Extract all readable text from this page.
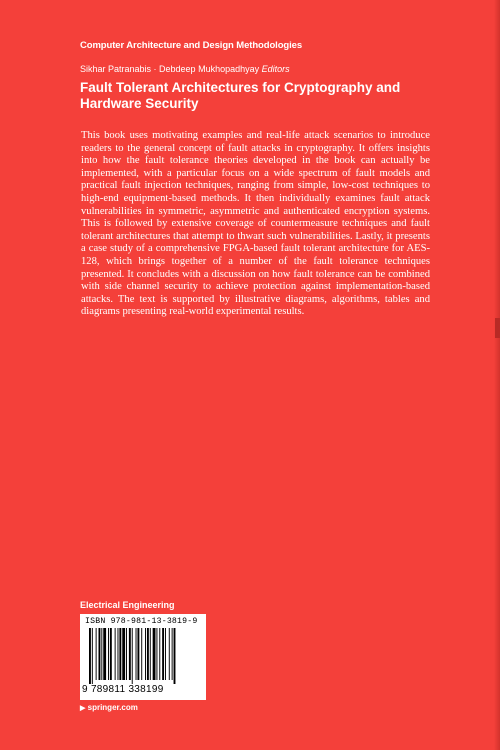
Computer Architecture and Design Methodologies
Sikhar Patranabis · Debdeep Mukhopadhyay Editors
Fault Tolerant Architectures for Cryptography and Hardware Security
This book uses motivating examples and real-life attack scenarios to introduce readers to the general concept of fault attacks in cryptography. It offers insights into how the fault tolerance theories developed in the book can actually be implemented, with a particular focus on a wide spectrum of fault models and practical fault injection techniques, ranging from simple, low-cost techniques to high-end equipment-based methods. It then individually examines fault attack vulnerabilities in symmetric, asymmetric and authenticated encryption systems. This is followed by extensive coverage of countermeasure techniques and fault tolerant architectures that attempt to thwart such vulnerabilities. Lastly, it presents a case study of a comprehensive FPGA-based fault tolerant architecture for AES-128, which brings together of a number of the fault tolerance techniques presented. It concludes with a discussion on how fault tolerance can be combined with side channel security to achieve protection against implementation-based attacks. The text is supported by illustrative diagrams, algorithms, tables and diagrams presenting real-world experimental results.
Electrical Engineering
ISBN 978-981-13-3819-9
9 789811 338199
▶ springer.com
